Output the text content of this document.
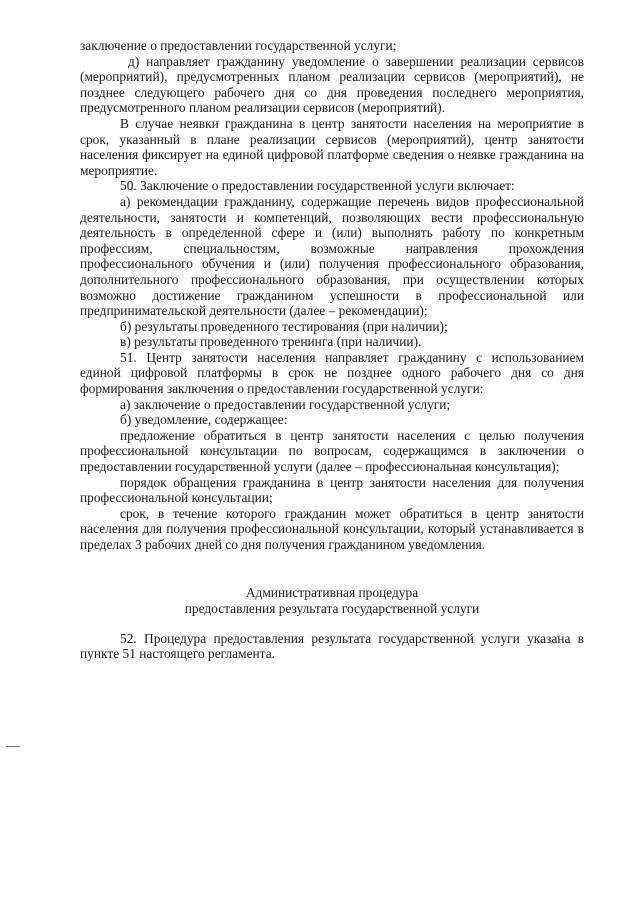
заключение о предоставлении государственной услуги;

д) направляет гражданину уведомление о завершении реализации сервисов (мероприятий), предусмотренных планом реализации сервисов (мероприятий), не позднее следующего рабочего дня со дня проведения последнего мероприятия, предусмотренного планом реализации сервисов (мероприятий).

В случае неявки гражданина в центр занятости населения на мероприятие в срок, указанный в плане реализации сервисов (мероприятий), центр занятости населения фиксирует на единой цифровой платформе сведения о неявке гражданина на мероприятие.

50. Заключение о предоставлении государственной услуги включает:

а) рекомендации гражданину, содержащие перечень видов профессиональной деятельности, занятости и компетенций, позволяющих вести профессиональную деятельность в определенной сфере и (или) выполнять работу по конкретным профессиям, специальностям, возможные направления прохождения профессионального обучения и (или) получения профессионального образования, дополнительного профессионального образования, при осуществлении которых возможно достижение гражданином успешности в профессиональной или предпринимательской деятельности (далее – рекомендации);

б) результаты проведенного тестирования (при наличии);

в) результаты проведенного тренинга (при наличии).

51. Центр занятости населения направляет гражданину с использованием единой цифровой платформы в срок не позднее одного рабочего дня со дня формирования заключения о предоставлении государственной услуги:

а) заключение о предоставлении государственной услуги;

б) уведомление, содержащее:

предложение обратиться в центр занятости населения с целью получения профессиональной консультации по вопросам, содержащимся в заключении о предоставлении государственной услуги (далее – профессиональная консультация);

порядок обращения гражданина в центр занятости населения для получения профессиональной консультации;

срок, в течение которого гражданин может обратиться в центр занятости населения для получения профессиональной консультации, который устанавливается в пределах 3 рабочих дней со дня получения гражданином уведомления.

Административная процедура
предоставления результата государственной услуги

52. Процедура предоставления результата государственной услуги указана в пункте 51 настоящего регламента.
